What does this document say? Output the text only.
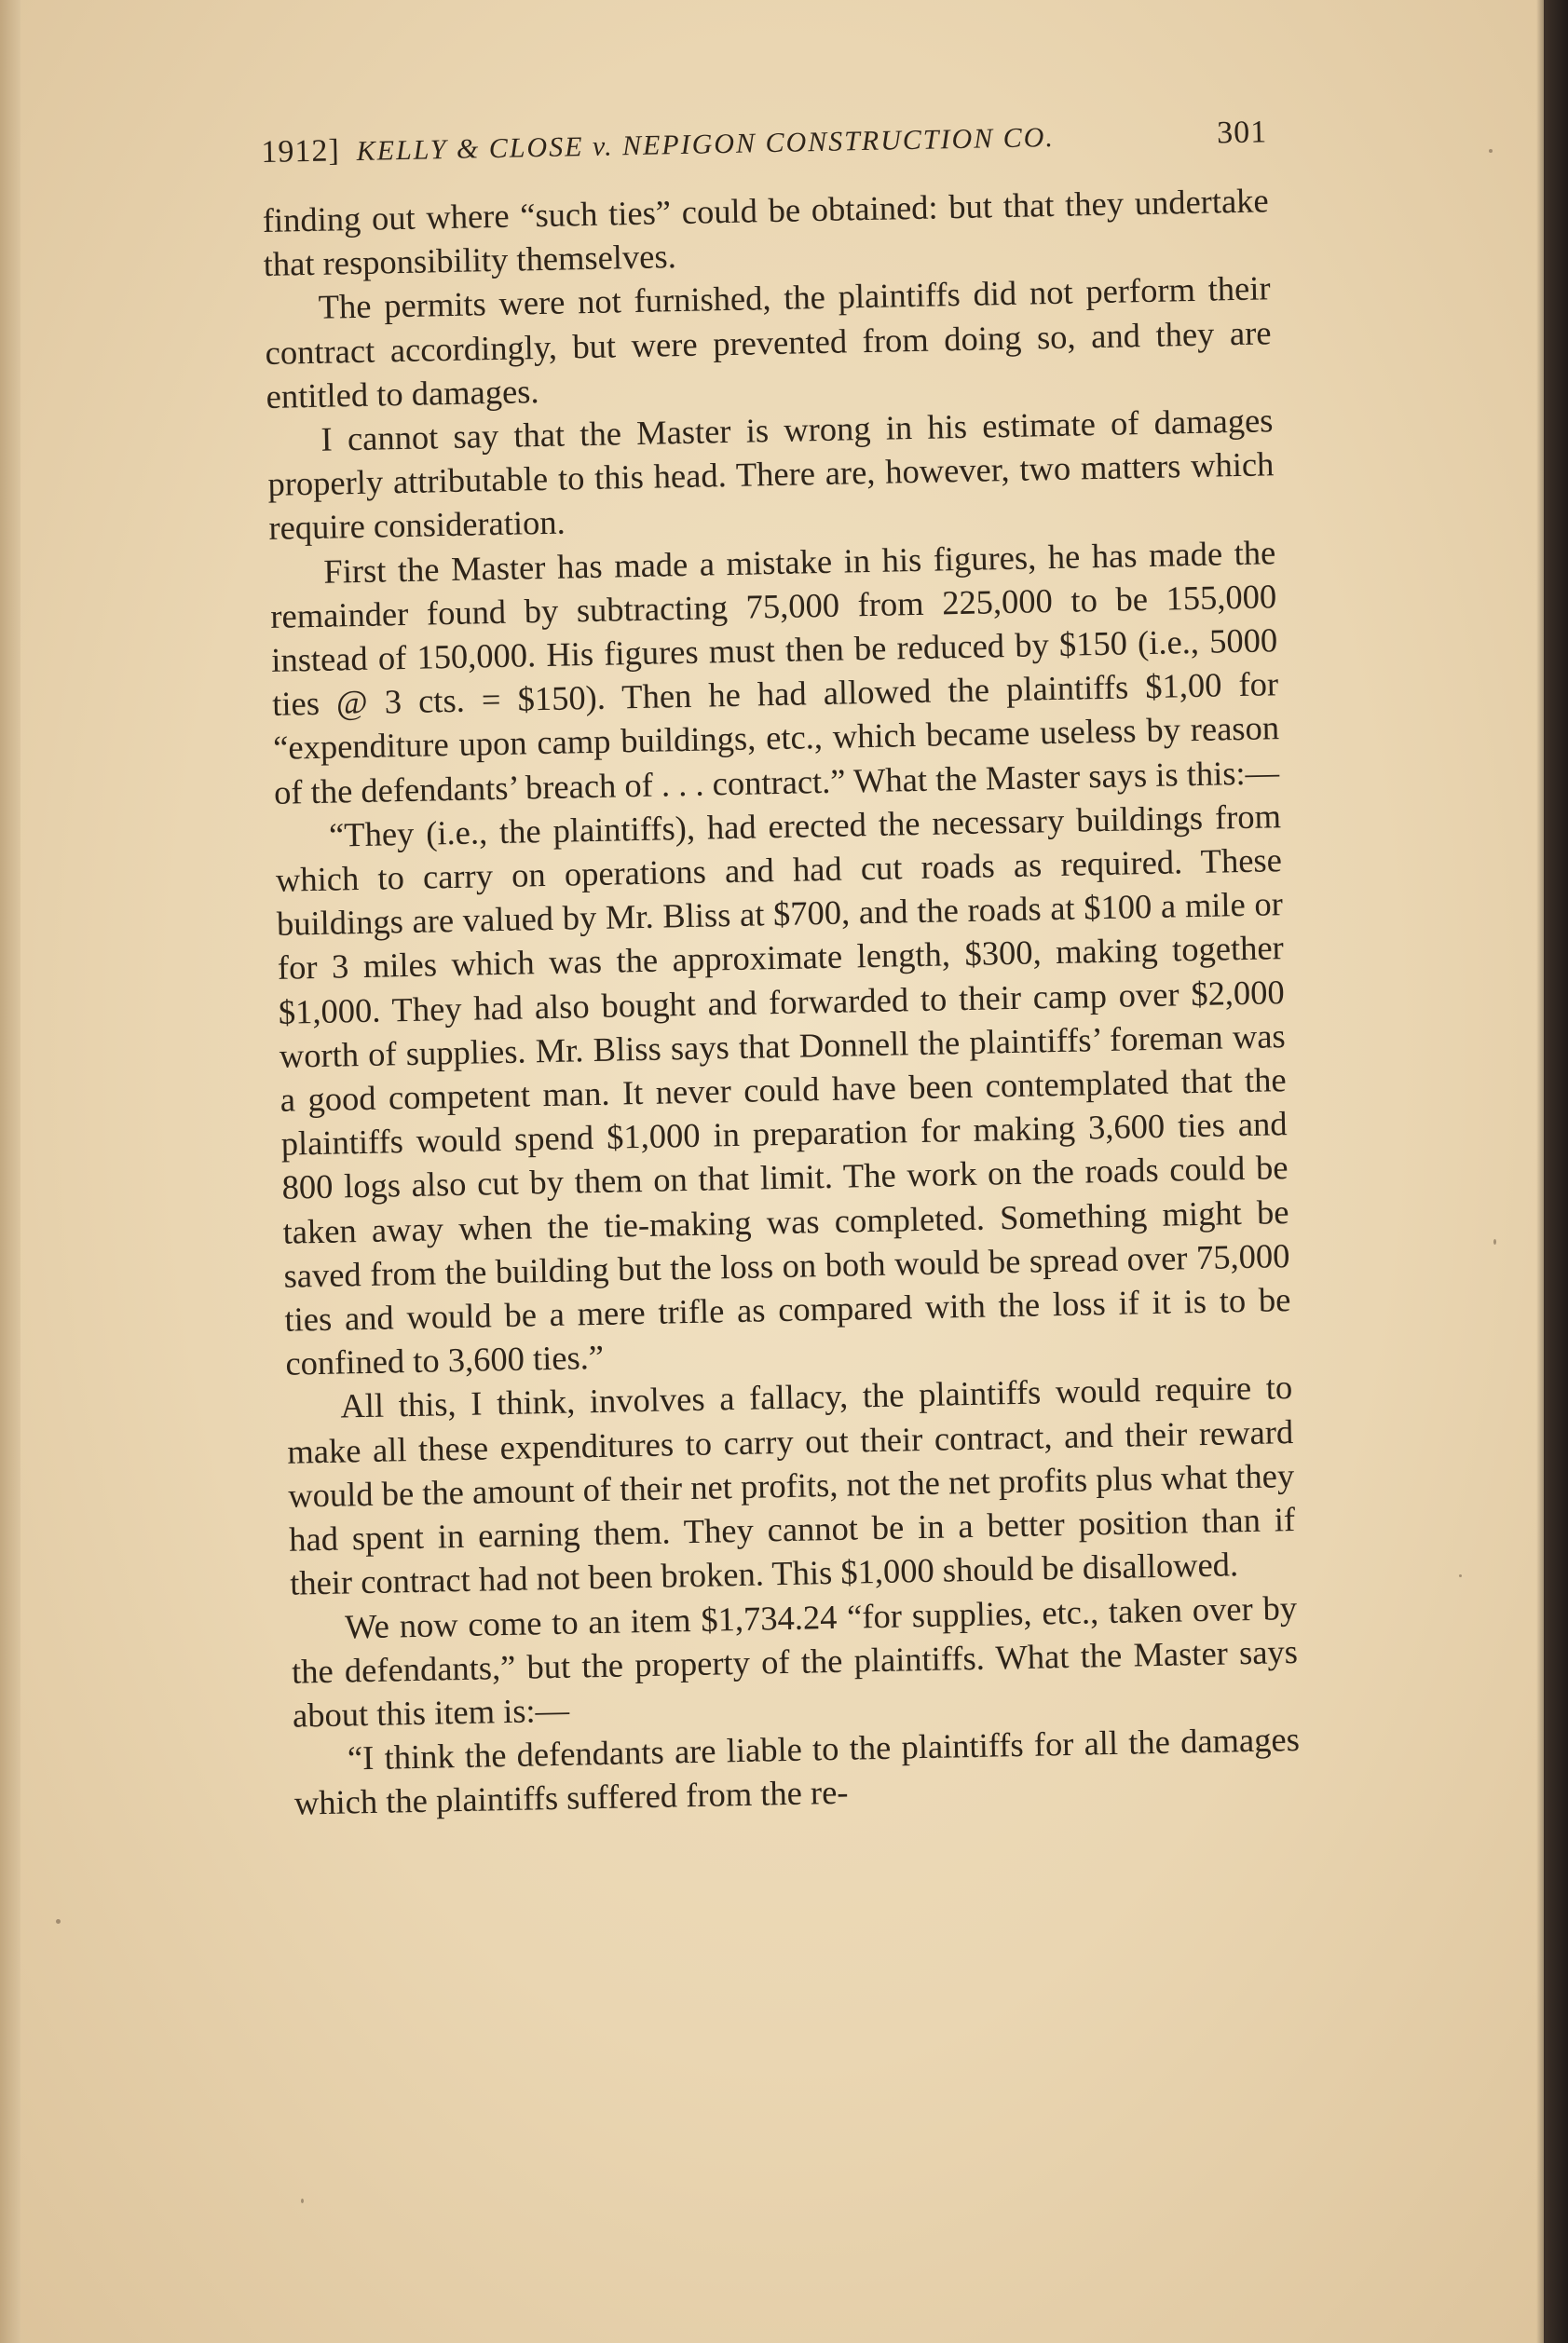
1912] KELLY & CLOSE v. NEPIGON CONSTRUCTION CO.	301

finding out where “such ties” could be obtained: but that they undertake that responsibility themselves.

The permits were not furnished, the plaintiffs did not perform their contract accordingly, but were prevented from doing so, and they are entitled to damages.

I cannot say that the Master is wrong in his estimate of damages properly attributable to this head. There are, however, two matters which require consideration.

First the Master has made a mistake in his figures, he has made the remainder found by subtracting 75,000 from 225,000 to be 155,000 instead of 150,000. His figures must then be reduced by $150 (i.e., 5000 ties @ 3 cts. = $150). Then he had allowed the plaintiffs $1,00 for “expenditure upon camp buildings, etc., which became useless by reason of the defendants’ breach of . . . contract.” What the Master says is this:—

“They (i.e., the plaintiffs), had erected the necessary buildings from which to carry on operations and had cut roads as required. These buildings are valued by Mr. Bliss at $700, and the roads at $100 a mile or for 3 miles which was the approximate length, $300, making together $1,000. They had also bought and forwarded to their camp over $2,000 worth of supplies. Mr. Bliss says that Donnell the plaintiffs’ foreman was a good competent man. It never could have been contemplated that the plaintiffs would spend $1,000 in preparation for making 3,600 ties and 800 logs also cut by them on that limit. The work on the roads could be taken away when the tie-making was completed. Something might be saved from the building but the loss on both would be spread over 75,000 ties and would be a mere trifle as compared with the loss if it is to be confined to 3,600 ties.”

All this, I think, involves a fallacy, the plaintiffs would require to make all these expenditures to carry out their contract, and their reward would be the amount of their net profits, not the net profits plus what they had spent in earning them. They cannot be in a better position than if their contract had not been broken. This $1,000 should be disallowed.

We now come to an item $1,734.24 “for supplies, etc., taken over by the defendants,” but the property of the plaintiffs. What the Master says about this item is:—

“I think the defendants are liable to the plaintiffs for all the damages which the plaintiffs suffered from the re-
